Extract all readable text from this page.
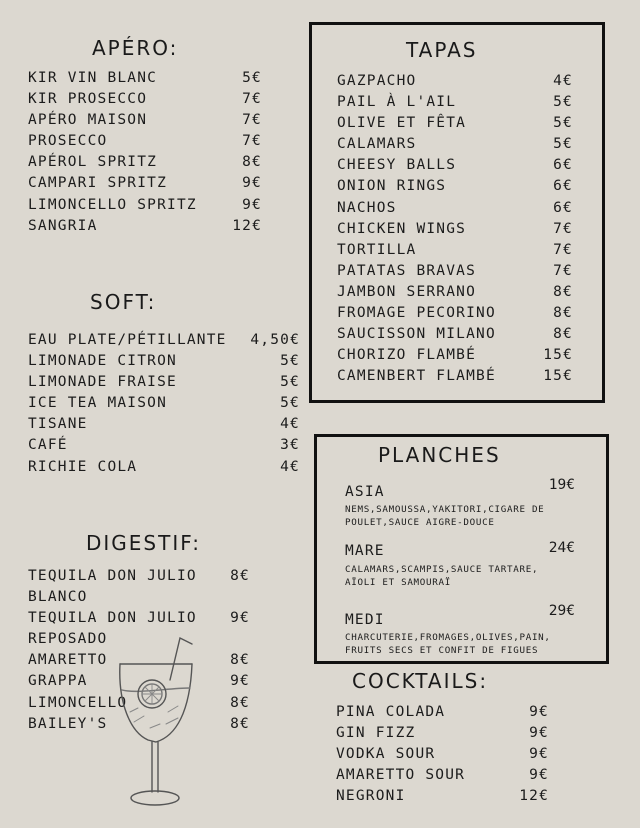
APÉRO:
KIR VIN BLANC	5€
KIR PROSECCO	7€
APÉRO MAISON	7€
PROSECCO	7€
APÉROL SPRITZ	8€
CAMPARI SPRITZ	9€
LIMONCELLO SPRITZ	9€
SANGRIA	12€
SOFT:
EAU PLATE/PÉTILLANTE 4,50€
LIMONADE CITRON	5€
LIMONADE FRAISE	5€
ICE TEA MAISON	5€
TISANE	4€
CAFÉ	3€
RICHIE COLA	4€
DIGESTIF:
TEQUILA DON JULIO 8€
BLANCO
TEQUILA DON JULIO 9€
REPOSADO
AMARETTO	8€
GRAPPA	9€
LIMONCELLO	8€
BAILEY'S	8€
TAPAS
GAZPACHO	4€
PAIL À L'AIL	5€
OLIVE ET FÊTA	5€
CALAMARS	5€
CHEESY BALLS	6€
ONION RINGS	6€
NACHOS	6€
CHICKEN WINGS	7€
TORTILLA	7€
PATATAS BRAVAS	7€
JAMBON SERRANO	8€
FROMAGE PECORINO	8€
SAUCISSON MILANO	8€
CHORIZO FLAMBÉ	15€
CAMENBERT FLAMBÉ	15€
PLANCHES
ASIA	19€
NEMS,SAMOUSSA,YAKITORI,CIGARE DE POULET,SAUCE AIGRE-DOUCE
MARE	24€
CALAMARS,SCAMPIS,SAUCE TARTARE, AÏOLI ET SAMOURAÏ
MEDI
29€
CHARCUTERIE,FROMAGES,OLIVES,PAIN, FRUITS SECS ET CONFIT DE FIGUES
COCKTAILS:
PINA COLADA	9€
GIN FIZZ	9€
VODKA SOUR	9€
AMARETTO SOUR	9€
NEGRONI	12€
